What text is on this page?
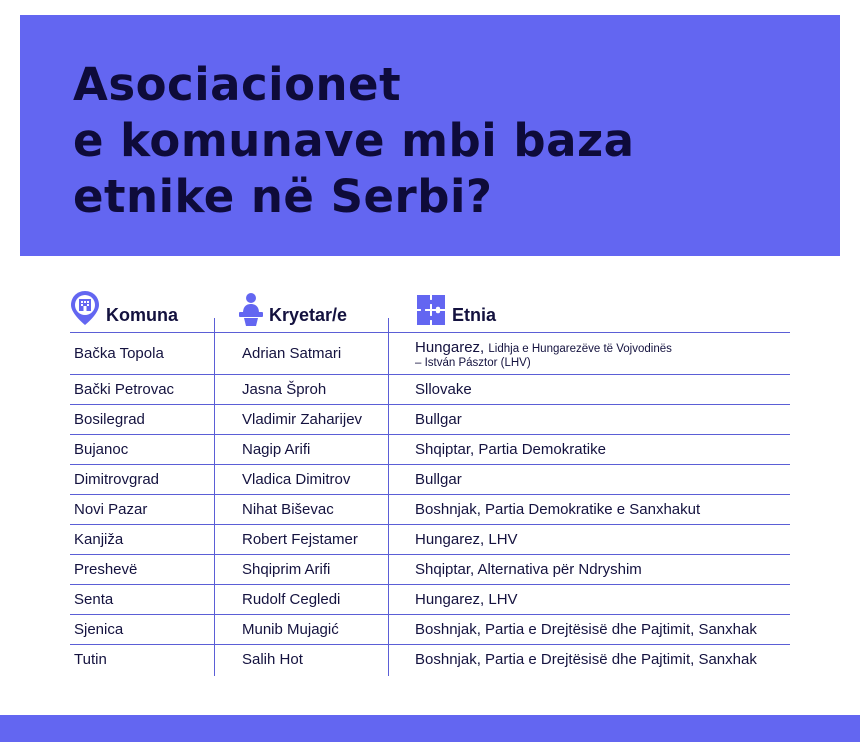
Asociacionet
e komunave mbi baza
etnike në Serbi?
Komuna	Kryetar/e	Etnia
Bačka Topola	Adrian Satmari	Hungarez, Lidhja e Hungarezëve të Vojvodinës
– István Pásztor (LHV)
Bački Petrovac	Jasna Šproh	Sllovake
Bosilegrad	Vladimir Zaharijev	Bullgar
Bujanoc	Nagip Arifi	Shqiptar, Partia Demokratike
Dimitrovgrad	Vladica Dimitrov	Bullgar
Novi Pazar	Nihat Biševac	Boshnjak, Partia Demokratike e Sanxhakut
Kanjiža	Robert Fejstamer	Hungarez, LHV
Preshevë	Shqiprim Arifi	Shqiptar, Alternativa për Ndryshim
Senta	Rudolf Cegledi	Hungarez, LHV
Sjenica	Munib Mujagić	Boshnjak, Partia e Drejtësisë dhe Pajtimit, Sanxhak
Tutin	Salih Hot	Boshnjak, Partia e Drejtësisë dhe Pajtimit, Sanxhak
